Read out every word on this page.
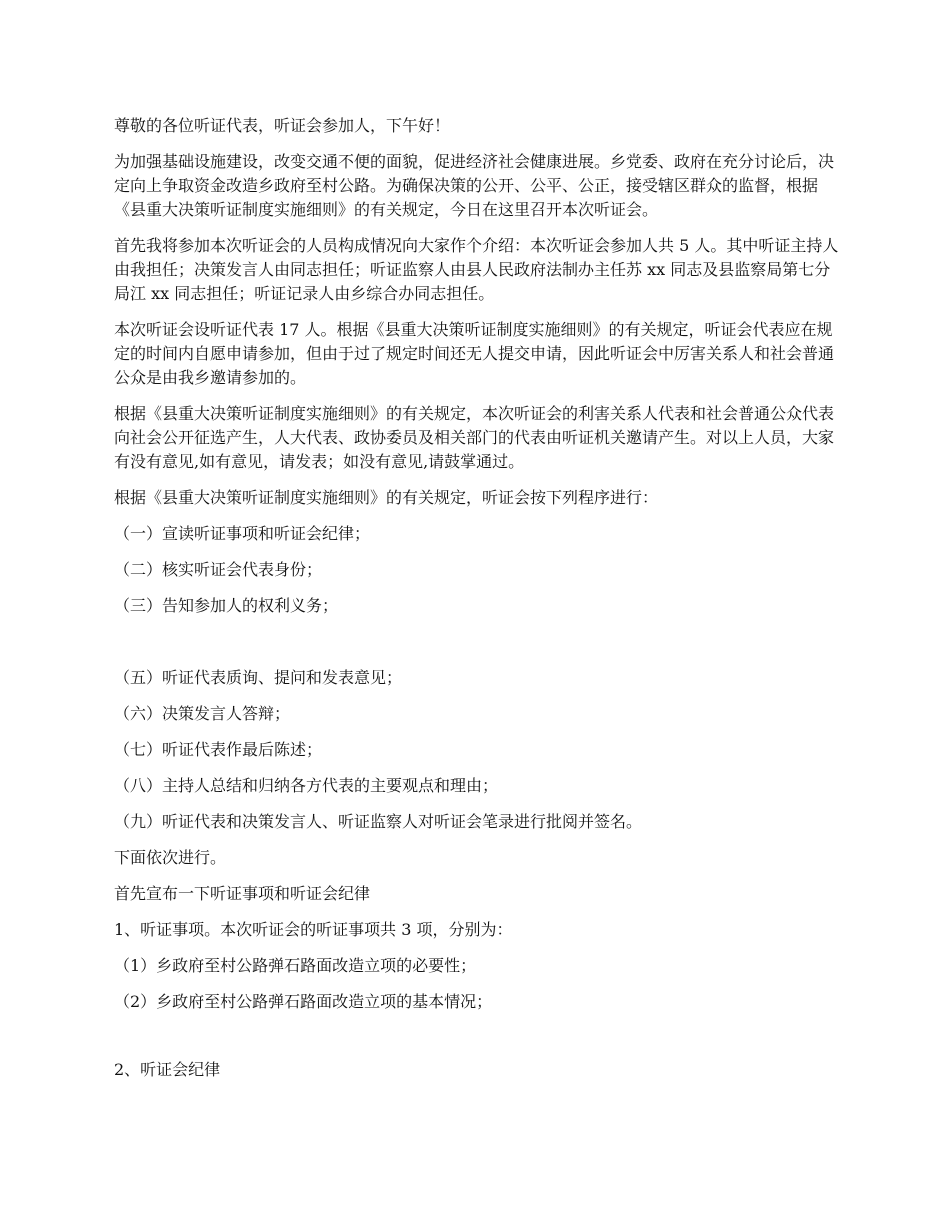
尊敬的各位听证代表，听证会参加人，下午好！

为加强基础设施建设，改变交通不便的面貌，促进经济社会健康进展。乡党委、政府在充分讨论后，决定向上争取资金改造乡政府至村公路。为确保决策的公开、公平、公正，接受辖区群众的监督，根据《县重大决策听证制度实施细则》的有关规定，今日在这里召开本次听证会。

首先我将参加本次听证会的人员构成情况向大家作个介绍：本次听证会参加人共 5 人。其中听证主持人由我担任；决策发言人由同志担任；听证监察人由县人民政府法制办主任苏 xx 同志及县监察局第七分局江 xx 同志担任；听证记录人由乡综合办同志担任。

本次听证会设听证代表 17 人。根据《县重大决策听证制度实施细则》的有关规定，听证会代表应在规定的时间内自愿申请参加，但由于过了规定时间还无人提交申请，因此听证会中厉害关系人和社会普通公众是由我乡邀请参加的。

根据《县重大决策听证制度实施细则》的有关规定，本次听证会的利害关系人代表和社会普通公众代表向社会公开征选产生，人大代表、政协委员及相关部门的代表由听证机关邀请产生。对以上人员，大家有没有意见,如有意见，请发表；如没有意见,请鼓掌通过。

根据《县重大决策听证制度实施细则》的有关规定，听证会按下列程序进行：

（一）宣读听证事项和听证会纪律；

（二）核实听证会代表身份；

（三）告知参加人的权利义务；

（五）听证代表质询、提问和发表意见；

（六）决策发言人答辩；

（七）听证代表作最后陈述；

（八）主持人总结和归纳各方代表的主要观点和理由；

（九）听证代表和决策发言人、听证监察人对听证会笔录进行批阅并签名。

下面依次进行。

首先宣布一下听证事项和听证会纪律

1、听证事项。本次听证会的听证事项共 3 项，分别为：

（1）乡政府至村公路弹石路面改造立项的必要性；

（2）乡政府至村公路弹石路面改造立项的基本情况；

2、听证会纪律
